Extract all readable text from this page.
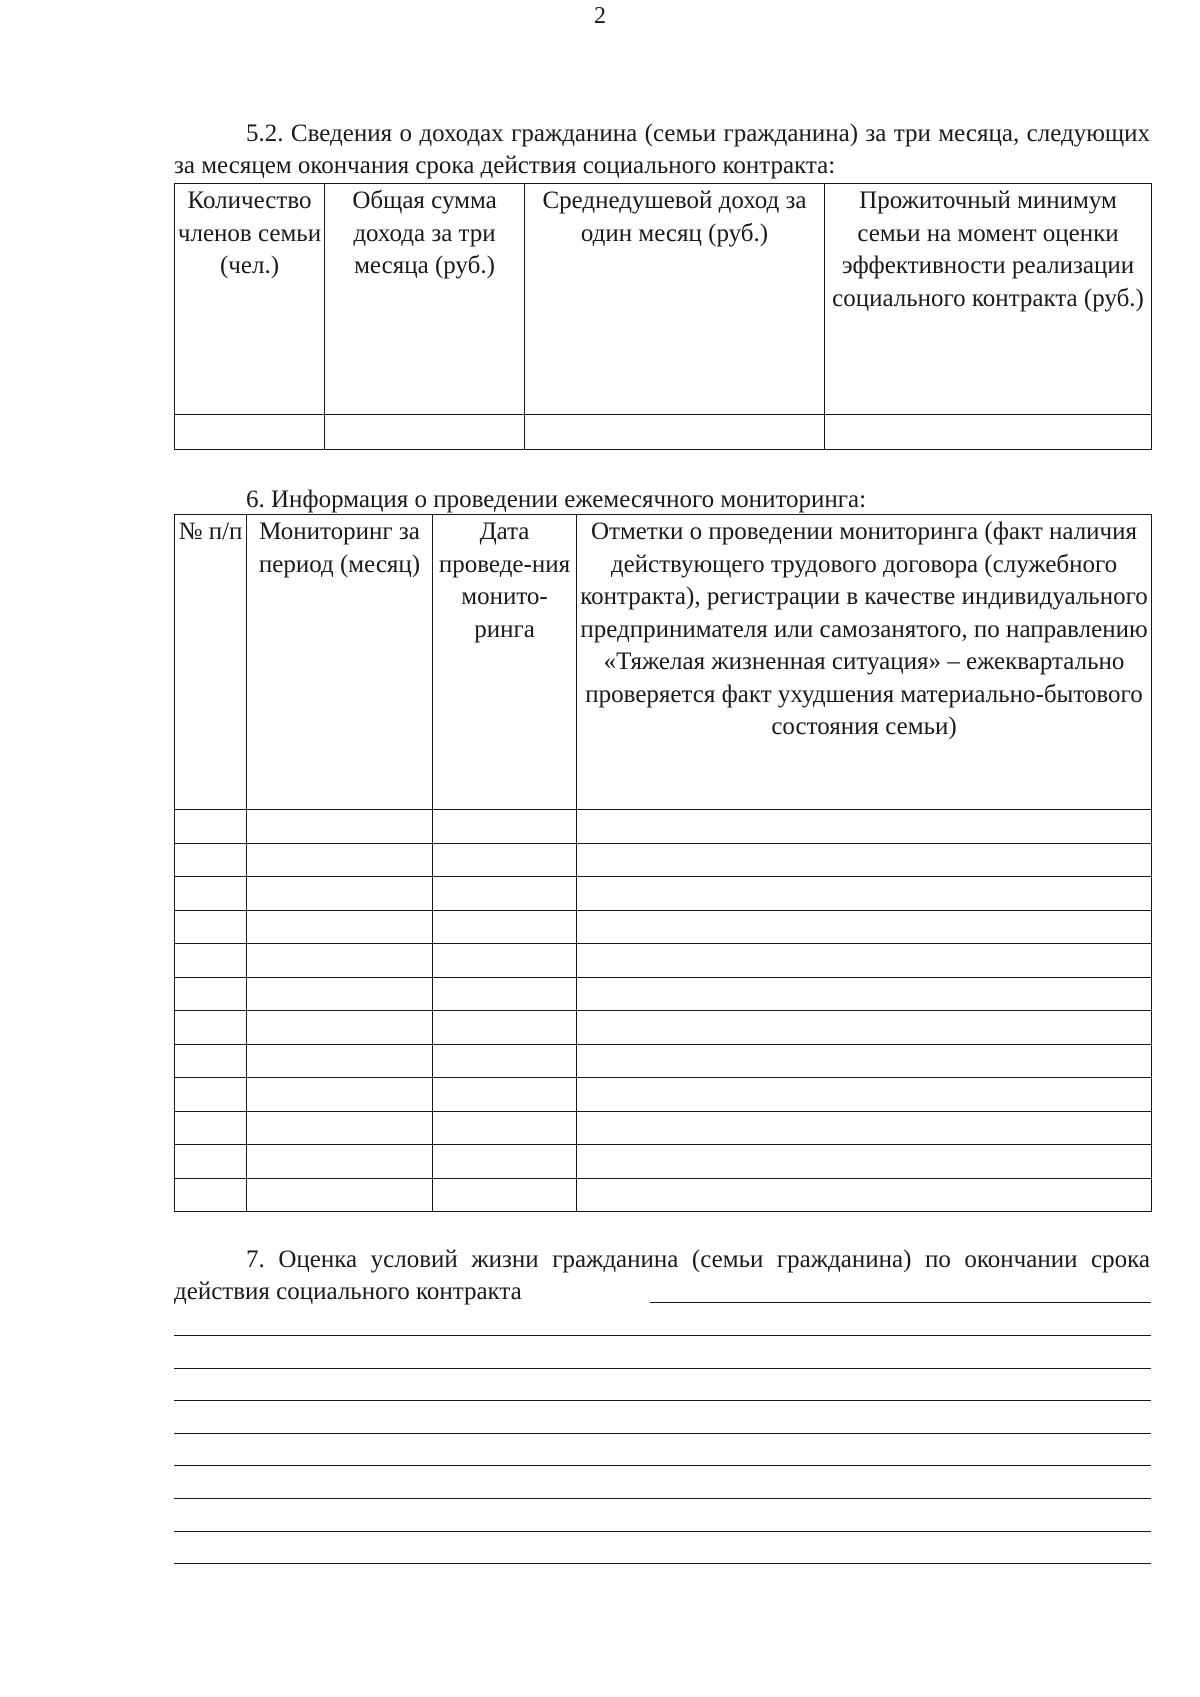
2
5.2. Сведения о доходах гражданина (семьи гражданина) за три месяца, следующих за месяцем окончания срока действия социального контракта:
Количество членов семьи (чел.)	Общая сумма дохода за три месяца (руб.)	Среднедушевой доход за один месяц (руб.)	Прожиточный минимум семьи на момент оценки эффективности реализации социального контракта (руб.)

6. Информация о проведении ежемесячного мониторинга:
№ п/п	Мониторинг за период (месяц)	Дата проведе-ния монито-ринга	Отметки о проведении мониторинга (факт наличия действующего трудового договора (служебного контракта), регистрации в качестве индивидуального предпринимателя или самозанятого, по направлению «Тяжелая жизненная ситуация» – ежеквартально проверяется факт ухудшения материально-бытового состояния семьи)

7. Оценка условий жизни гражданина (семьи гражданина) по окончании срока действия социального контракта
